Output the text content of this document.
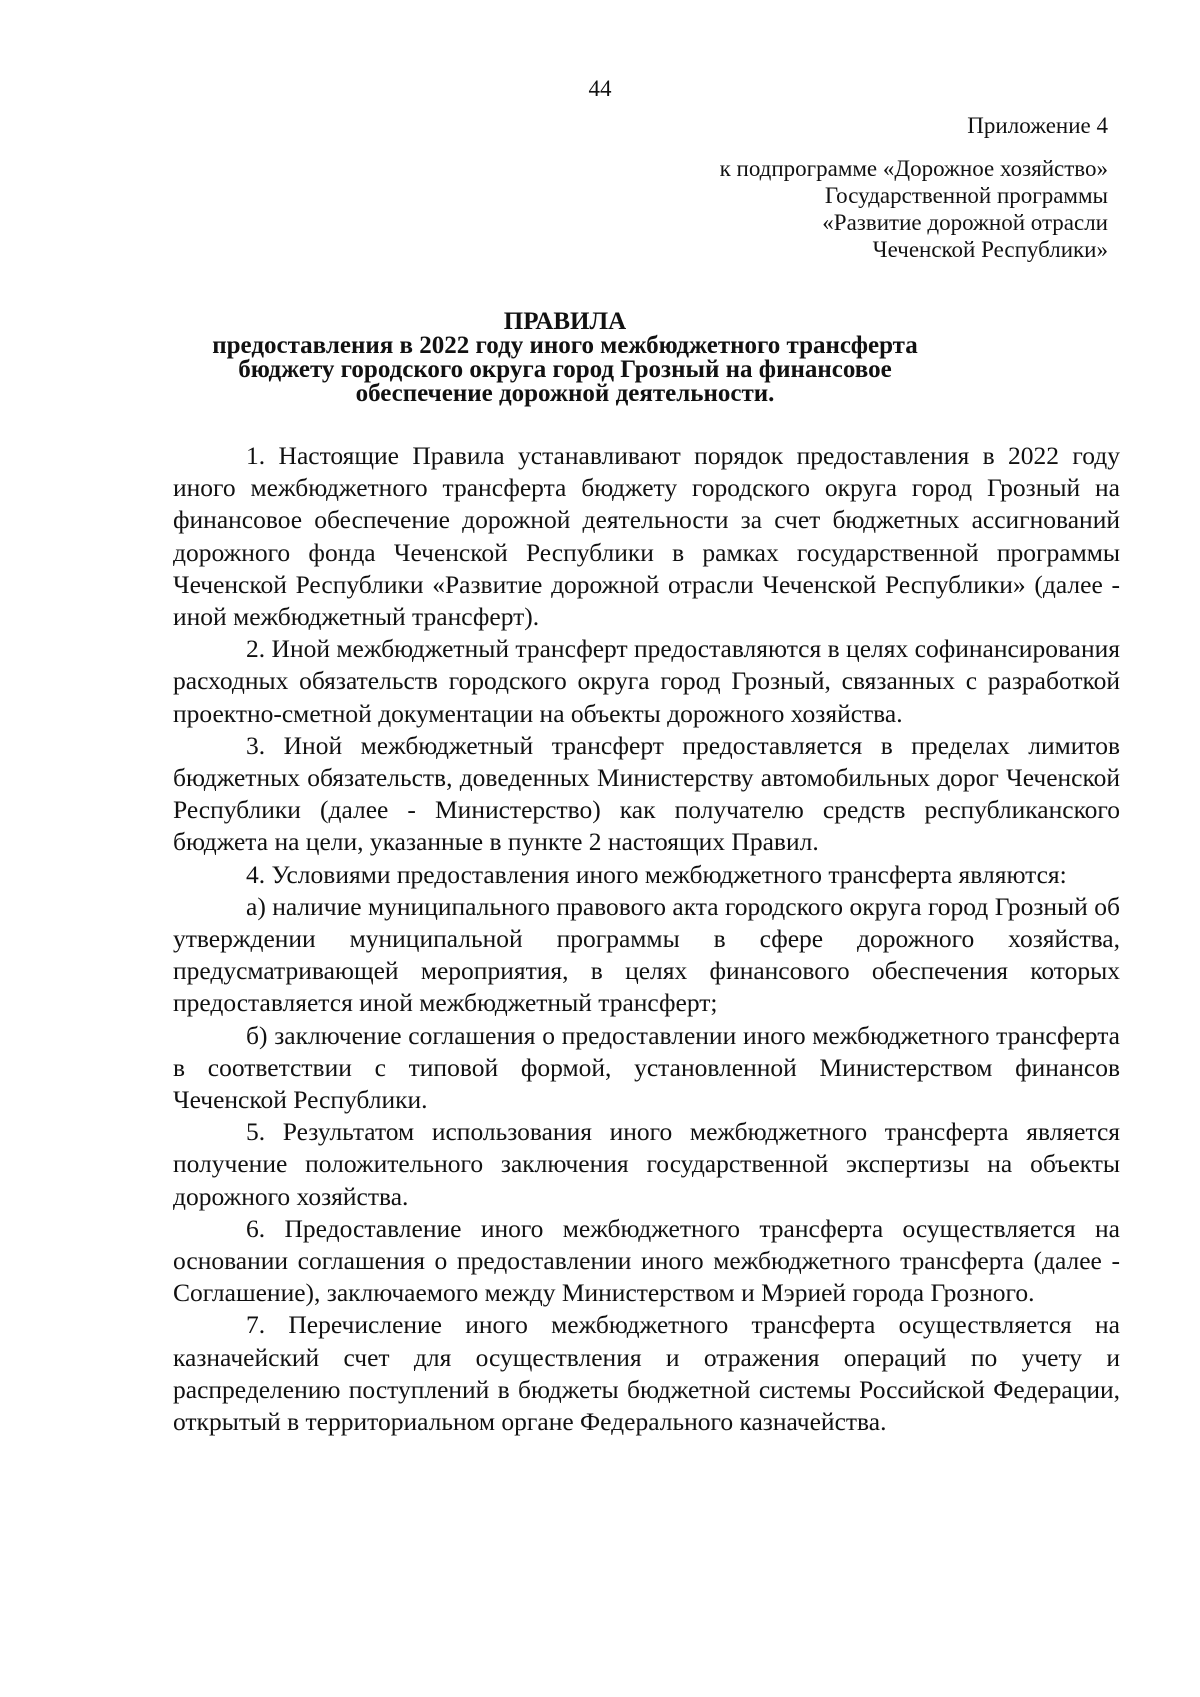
44
Приложение 4
к подпрограмме «Дорожное хозяйство»
Государственной программы
«Развитие дорожной отрасли
Чеченской Республики»
ПРАВИЛА
предоставления в 2022 году иного межбюджетного трансферта
бюджету городского округа город Грозный на финансовое
обеспечение дорожной деятельности.

1. Настоящие Правила устанавливают порядок предоставления в 2022 году иного межбюджетного трансферта бюджету городского округа город Грозный на финансовое обеспечение дорожной деятельности за счет бюджетных ассигнований дорожного фонда Чеченской Республики в рамках государственной программы Чеченской Республики «Развитие дорожной отрасли Чеченской Республики» (далее - иной межбюджетный трансферт).

2. Иной межбюджетный трансферт предоставляются в целях софинансирования расходных обязательств городского округа город Грозный, связанных с разработкой проектно-сметной документации на объекты дорожного хозяйства.

3. Иной межбюджетный трансферт предоставляется в пределах лимитов бюджетных обязательств, доведенных Министерству автомобильных дорог Чеченской Республики (далее - Министерство) как получателю средств республиканского бюджета на цели, указанные в пункте 2 настоящих Правил.

4. Условиями предоставления иного межбюджетного трансферта являются:

а) наличие муниципального правового акта городского округа город Грозный об утверждении муниципальной программы в сфере дорожного хозяйства, предусматривающей мероприятия, в целях финансового обеспечения которых предоставляется иной межбюджетный трансферт;

б) заключение соглашения о предоставлении иного межбюджетного трансферта в соответствии с типовой формой, установленной Министерством финансов Чеченской Республики.

5. Результатом использования иного межбюджетного трансферта является получение положительного заключения государственной экспертизы на объекты дорожного хозяйства.

6. Предоставление иного межбюджетного трансферта осуществляется на основании соглашения о предоставлении иного межбюджетного трансферта (далее - Соглашение), заключаемого между Министерством и Мэрией города Грозного.

7. Перечисление иного межбюджетного трансферта осуществляется на казначейский счет для осуществления и отражения операций по учету и распределению поступлений в бюджеты бюджетной системы Российской Федерации, открытый в территориальном органе Федерального казначейства.
